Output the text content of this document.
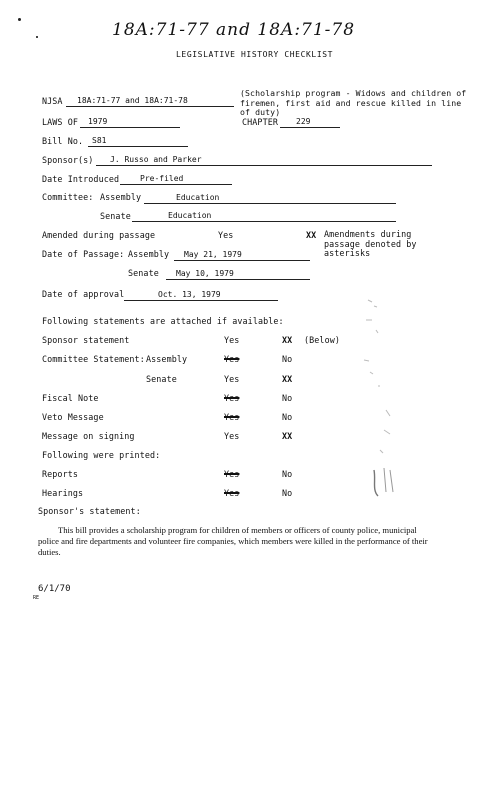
18A:71-77 and 18A:71-78
LEGISLATIVE HISTORY CHECKLIST
NJSA 18A:71-77 and 18A:71-78
(Scholarship program - Widows and children of firemen, first aid and rescue killed in line of duty)
LAWS OF 1979	CHAPTER 229
Bill No. S81
Sponsor(s) J. Russo and Parker
Date Introduced	Pre-filed
Committee: Assembly	Education
Senate	Education
Amended during passage	Yes	XX Amendments during passage denoted by asterisks
Date of Passage: Assembly May 21, 1979
Senate May 10, 1979
Date of approval	Oct. 13, 1979
Following statements are attached if available:
Sponsor statement	Yes	XX (Below)
Committee Statement: Assembly	Yes	No
Senate	Yes	XX
Fiscal Note	Yes	No
Veto Message	Yes	No
Message on signing	Yes	XX
Following were printed:
Reports	Yes	No
Hearings	Yes	No
Sponsor's statement:
This bill provides a scholarship program for children of members or officers of county police, municipal police and fire departments and volunteer fire companies, which members were killed in the performance of their duties.
6/1/70
RE
